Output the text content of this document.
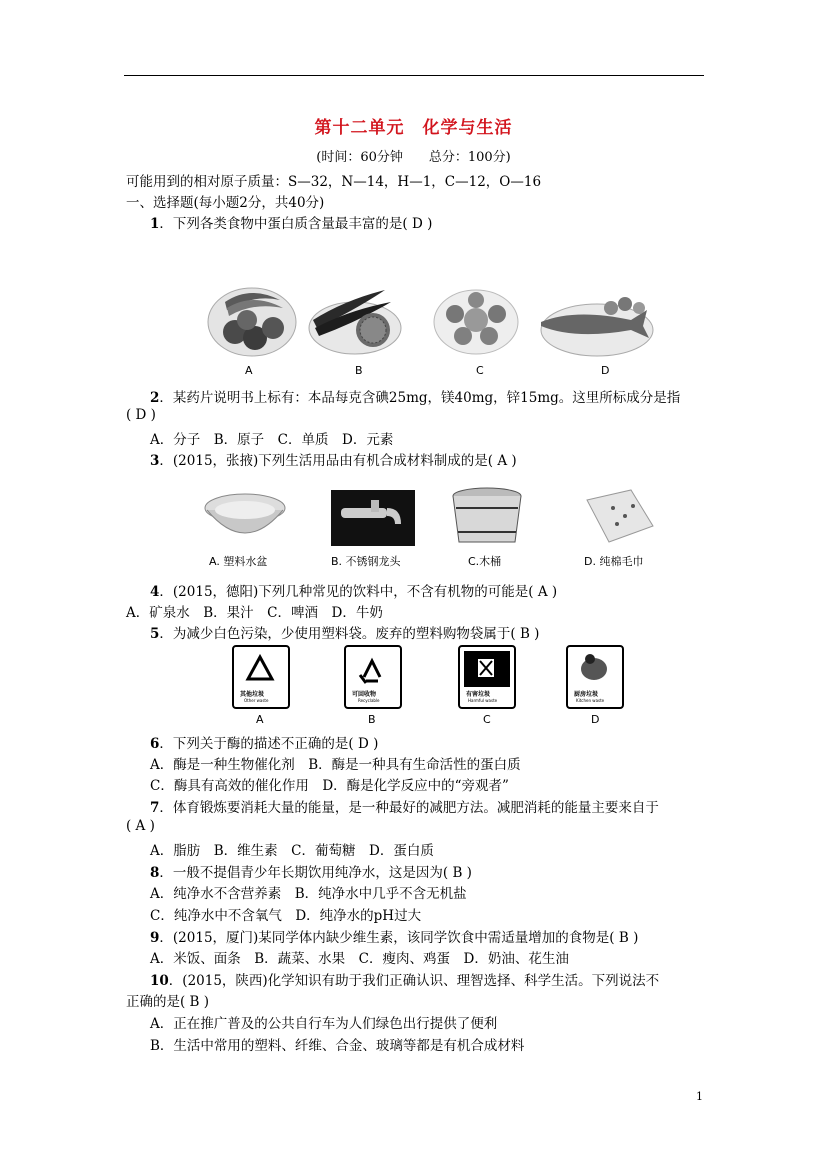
第十二单元　化学与生活
(时间：60分钟　　总分：100分)
可能用到的相对原子质量：S—32，N—14，H—1，C—12，O—16
一、选择题(每小题2分，共40分)
1．下列各类食物中蛋白质含量最丰富的是( D )
A	B	C	D
2．某药片说明书上标有：本品每克含碘25mg，镁40mg，锌15mg。这里所标成分是指
( D )
A．分子　B．原子　C．单质　D．元素
3．(2015，张掖)下列生活用品由有机合成材料制成的是( A )
A. 塑料水盆	B. 不锈钢龙头	C.木桶	D. 纯棉毛巾
4．(2015，德阳)下列几种常见的饮料中，不含有机物的可能是( A )
A．矿泉水　B．果汁　C．啤酒　D．牛奶
5．为减少白色污染，少使用塑料袋。废弃的塑料购物袋属于( B )
其他垃圾
Other waste
可回收物
Recyclable
有害垃圾
Harmful waste
厨房垃圾
Kitchen waste
A	B	C	D
6．下列关于酶的描述不正确的是( D )
A．酶是一种生物催化剂　B．酶是一种具有生命活性的蛋白质
C．酶具有高效的催化作用　D．酶是化学反应中的“旁观者”
7．体育锻炼要消耗大量的能量，是一种最好的减肥方法。减肥消耗的能量主要来自于
( A )
A．脂肪　B．维生素　C．葡萄糖　D．蛋白质
8．一般不提倡青少年长期饮用纯净水，这是因为( B )
A．纯净水不含营养素　B．纯净水中几乎不含无机盐
C．纯净水中不含氧气　D．纯净水的pH过大
9．(2015，厦门)某同学体内缺少维生素，该同学饮食中需适量增加的食物是( B )
A．米饭、面条　B．蔬菜、水果　C．瘦肉、鸡蛋　D．奶油、花生油
10．(2015，陕西)化学知识有助于我们正确认识、理智选择、科学生活。下列说法不
正确的是( B )
A．正在推广普及的公共自行车为人们绿色出行提供了便利
B．生活中常用的塑料、纤维、合金、玻璃等都是有机合成材料
1
